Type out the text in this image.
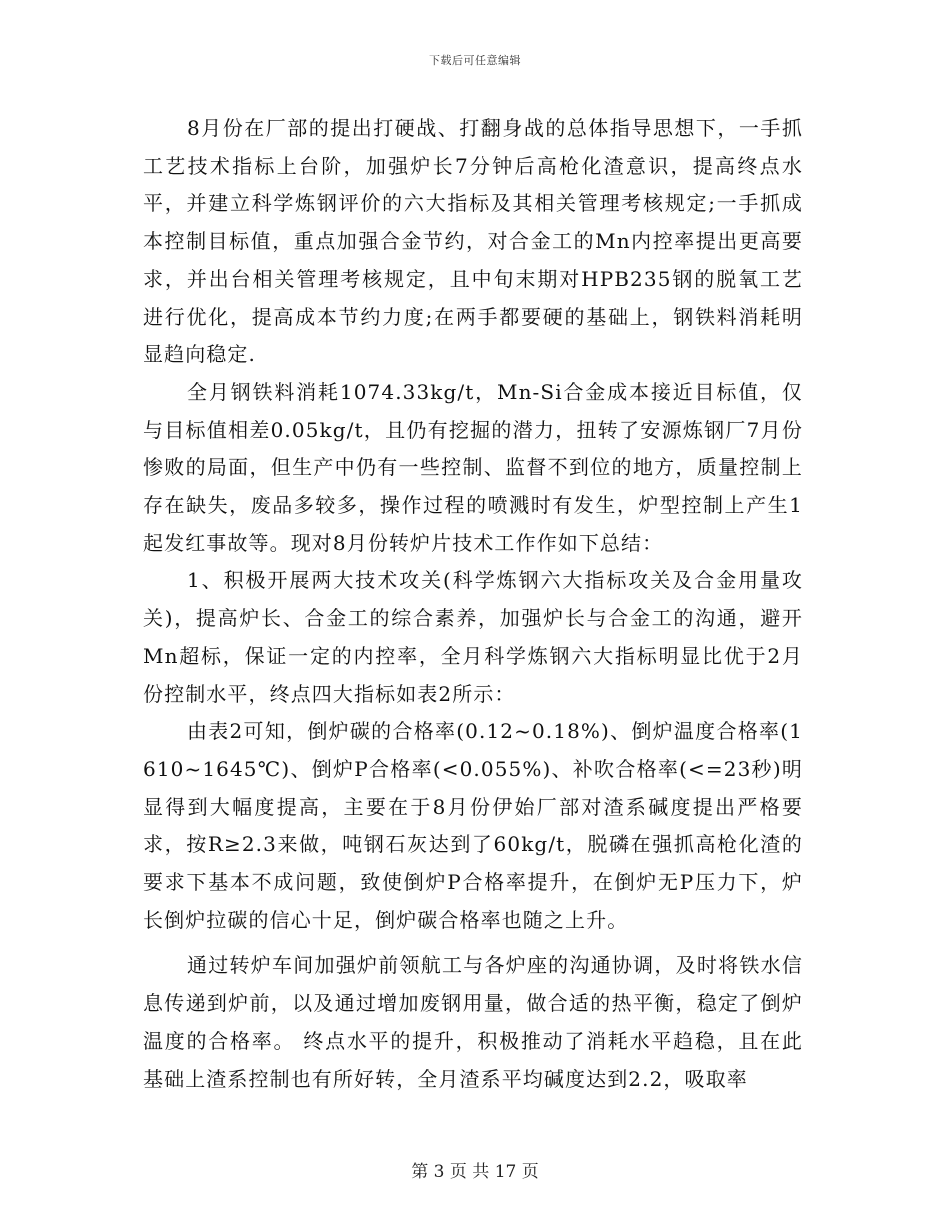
下载后可任意编辑

8月份在厂部的提出打硬战、打翻身战的总体指导思想下，一手抓工艺技术指标上台阶，加强炉长7分钟后高枪化渣意识，提高终点水平，并建立科学炼钢评价的六大指标及其相关管理考核规定;一手抓成本控制目标值，重点加强合金节约，对合金工的Mn内控率提出更高要求，并出台相关管理考核规定，且中旬末期对HPB235钢的脱氧工艺进行优化，提高成本节约力度;在两手都要硬的基础上，钢铁料消耗明显趋向稳定.

全月钢铁料消耗1074.33kg/t，Mn-Si合金成本接近目标值，仅与目标值相差0.05kg/t，且仍有挖掘的潜力，扭转了安源炼钢厂7月份惨败的局面，但生产中仍有一些控制、监督不到位的地方，质量控制上存在缺失，废品多较多，操作过程的喷溅时有发生，炉型控制上产生1起发红事故等。现对8月份转炉片技术工作作如下总结：

1、积极开展两大技术攻关(科学炼钢六大指标攻关及合金用量攻关)，提高炉长、合金工的综合素养，加强炉长与合金工的沟通，避开Mn超标，保证一定的内控率，全月科学炼钢六大指标明显比优于2月份控制水平，终点四大指标如表2所示：

由表2可知，倒炉碳的合格率(0.12~0.18%)、倒炉温度合格率(1610~1645℃)、倒炉P合格率(<0.055%)、补吹合格率(<=23秒)明显得到大幅度提高，主要在于8月份伊始厂部对渣系碱度提出严格要求，按R≥2.3来做，吨钢石灰达到了60kg/t，脱磷在强抓高枪化渣的要求下基本不成问题，致使倒炉P合格率提升，在倒炉无P压力下，炉长倒炉拉碳的信心十足，倒炉碳合格率也随之上升。

通过转炉车间加强炉前领航工与各炉座的沟通协调，及时将铁水信息传递到炉前，以及通过增加废钢用量，做合适的热平衡，稳定了倒炉温度的合格率。 终点水平的提升，积极推动了消耗水平趋稳，且在此基础上渣系控制也有所好转，全月渣系平均碱度达到2.2，吸取率

第 3 页 共 17 页
